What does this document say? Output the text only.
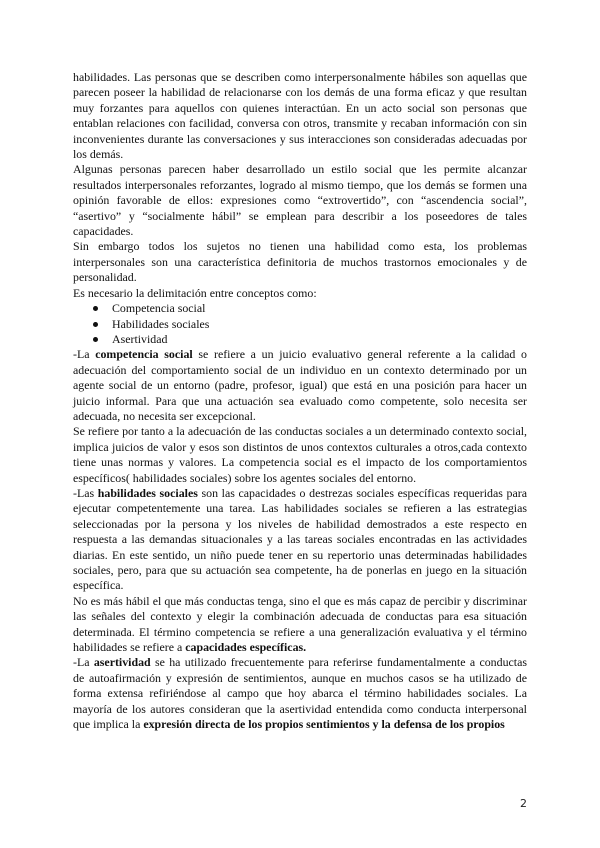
habilidades. Las personas que se describen como interpersonalmente hábiles son aquellas que parecen poseer la habilidad de relacionarse con los demás de una forma eficaz y que resultan muy forzantes para aquellos con quienes interactúan. En un acto social son personas que entablan relaciones con facilidad, conversa con otros, transmite y recaban información con sin inconvenientes durante las conversaciones y sus interacciones son consideradas adecuadas por los demás.

Algunas personas parecen haber desarrollado un estilo social que les permite alcanzar resultados interpersonales reforzantes, logrado al mismo tiempo, que los demás se formen una opinión favorable de ellos: expresiones como “extrovertido”, con “ascendencia social”, “asertivo” y “socialmente hábil” se emplean para describir a los poseedores de tales capacidades.

Sin embargo todos los sujetos no tienen una habilidad como esta, los problemas interpersonales son una característica definitoria de muchos trastornos emocionales y de personalidad.

Es necesario la delimitación entre conceptos como:

Competencia social
Habilidades sociales
Asertividad

-La competencia social se refiere a un juicio evaluativo general referente a la calidad o adecuación del comportamiento social de un individuo en un contexto determinado por un agente social de un entorno (padre, profesor, igual) que está en una posición para hacer un juicio informal. Para que una actuación sea evaluado como competente, solo necesita ser adecuada, no necesita ser excepcional.

Se refiere por tanto a la adecuación de las conductas sociales a un determinado contexto social, implica juicios de valor y esos son distintos de unos contextos culturales a otros,cada contexto tiene unas normas y valores. La competencia social es el impacto de los comportamientos específicos( habilidades sociales) sobre los agentes sociales del entorno.

-Las habilidades sociales son las capacidades o destrezas sociales específicas requeridas para ejecutar competentemente una tarea. Las habilidades sociales se refieren a las estrategias seleccionadas por la persona y los niveles de habilidad demostrados a este respecto en respuesta a las demandas situacionales y a las tareas sociales encontradas en las actividades diarias. En este sentido, un niño puede tener en su repertorio unas determinadas habilidades sociales, pero, para que su actuación sea competente, ha de ponerlas en juego en la situación específica.

No es más hábil el que más conductas tenga, sino el que es más capaz de percibir y discriminar las señales del contexto y elegir la combinación adecuada de conductas para esa situación determinada. El término competencia se refiere a una generalización evaluativa y el término habilidades se refiere a capacidades específicas.

-La asertividad se ha utilizado frecuentemente para referirse fundamentalmente a conductas de autoafirmación y expresión de sentimientos, aunque en muchos casos se ha utilizado de forma extensa refiriéndose al campo que hoy abarca el término habilidades sociales. La mayoría de los autores consideran que la asertividad entendida como conducta interpersonal que implica la expresión directa de los propios sentimientos y la defensa de los propios

2
